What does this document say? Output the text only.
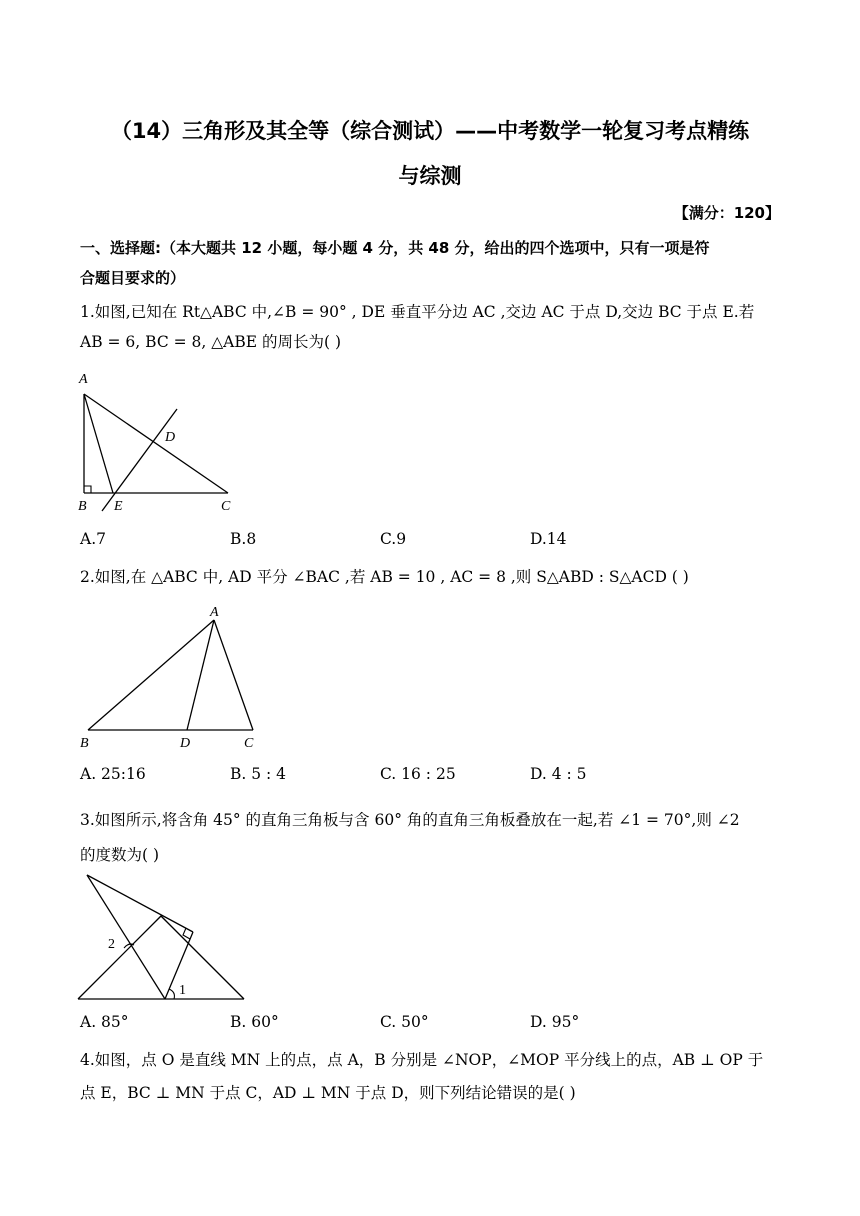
（14）三角形及其全等（综合测试）——中考数学一轮复习考点精练
与综测
【满分：120】
一、选择题:（本大题共 12 小题，每小题 4 分，共 48 分，给出的四个选项中，只有一项是符
合题目要求的）
1.如图,已知在 Rt△ABC 中,∠B = 90° , DE 垂直平分边 AC ,交边 AC 于点 D,交边 BC 于点 E.若
AB = 6, BC = 8, △ABE 的周长为( )
A
B	C
D
E
A.7	B.8	C.9	D.14
2.如图,在 △ABC 中, AD 平分 ∠BAC ,若 AB = 10 , AC = 8 ,则 S△ABD : S△ACD ( )
A
B	D	C
A. 25:16	B. 5 : 4	C. 16 : 25	D. 4 : 5
3.如图所示,将含角 45° 的直角三角板与含 60° 角的直角三角板叠放在一起,若 ∠1 = 70°,则 ∠2
的度数为( )
2
1
A. 85°	B. 60°	C. 50°	D. 95°
4.如图，点 O 是直线 MN 上的点，点 A，B 分别是 ∠NOP，∠MOP 平分线上的点，AB ⊥ OP 于
点 E，BC ⊥ MN 于点 C，AD ⊥ MN 于点 D，则下列结论错误的是( )
